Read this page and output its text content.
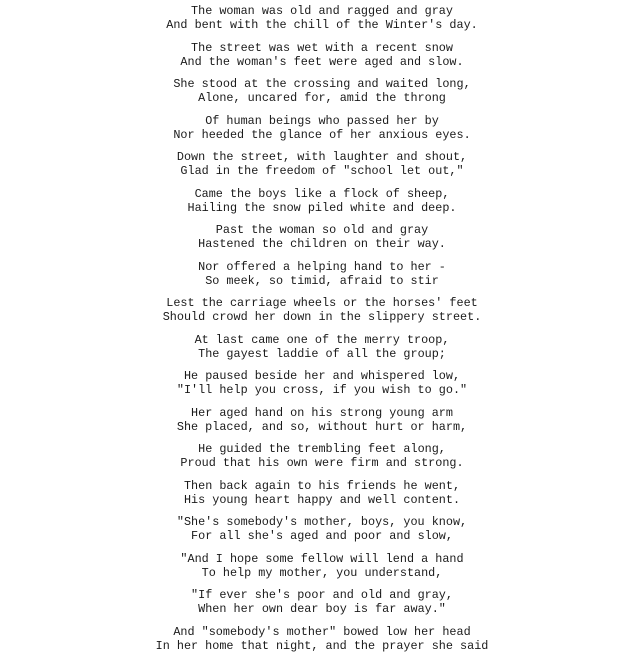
The woman was old and ragged and gray
And bent with the chill of the Winter's day.
The street was wet with a recent snow
And the woman's feet were aged and slow.
She stood at the crossing and waited long,
Alone, uncared for, amid the throng
Of human beings who passed her by
Nor heeded the glance of her anxious eyes.
Down the street, with laughter and shout,
Glad in the freedom of "school let out,"
Came the boys like a flock of sheep,
Hailing the snow piled white and deep.
Past the woman so old and gray
Hastened the children on their way.
Nor offered a helping hand to her -
So meek, so timid, afraid to stir
Lest the carriage wheels or the horses' feet
Should crowd her down in the slippery street.
At last came one of the merry troop,
The gayest laddie of all the group;
He paused beside her and whispered low,
"I'll help you cross, if you wish to go."
Her aged hand on his strong young arm
She placed, and so, without hurt or harm,
He guided the trembling feet along,
Proud that his own were firm and strong.
Then back again to his friends he went,
His young heart happy and well content.
"She's somebody's mother, boys, you know,
For all she's aged and poor and slow,
"And I hope some fellow will lend a hand
To help my mother, you understand,
"If ever she's poor and old and gray,
When her own dear boy is far away."
And "somebody's mother" bowed low her head
In her home that night, and the prayer she said
